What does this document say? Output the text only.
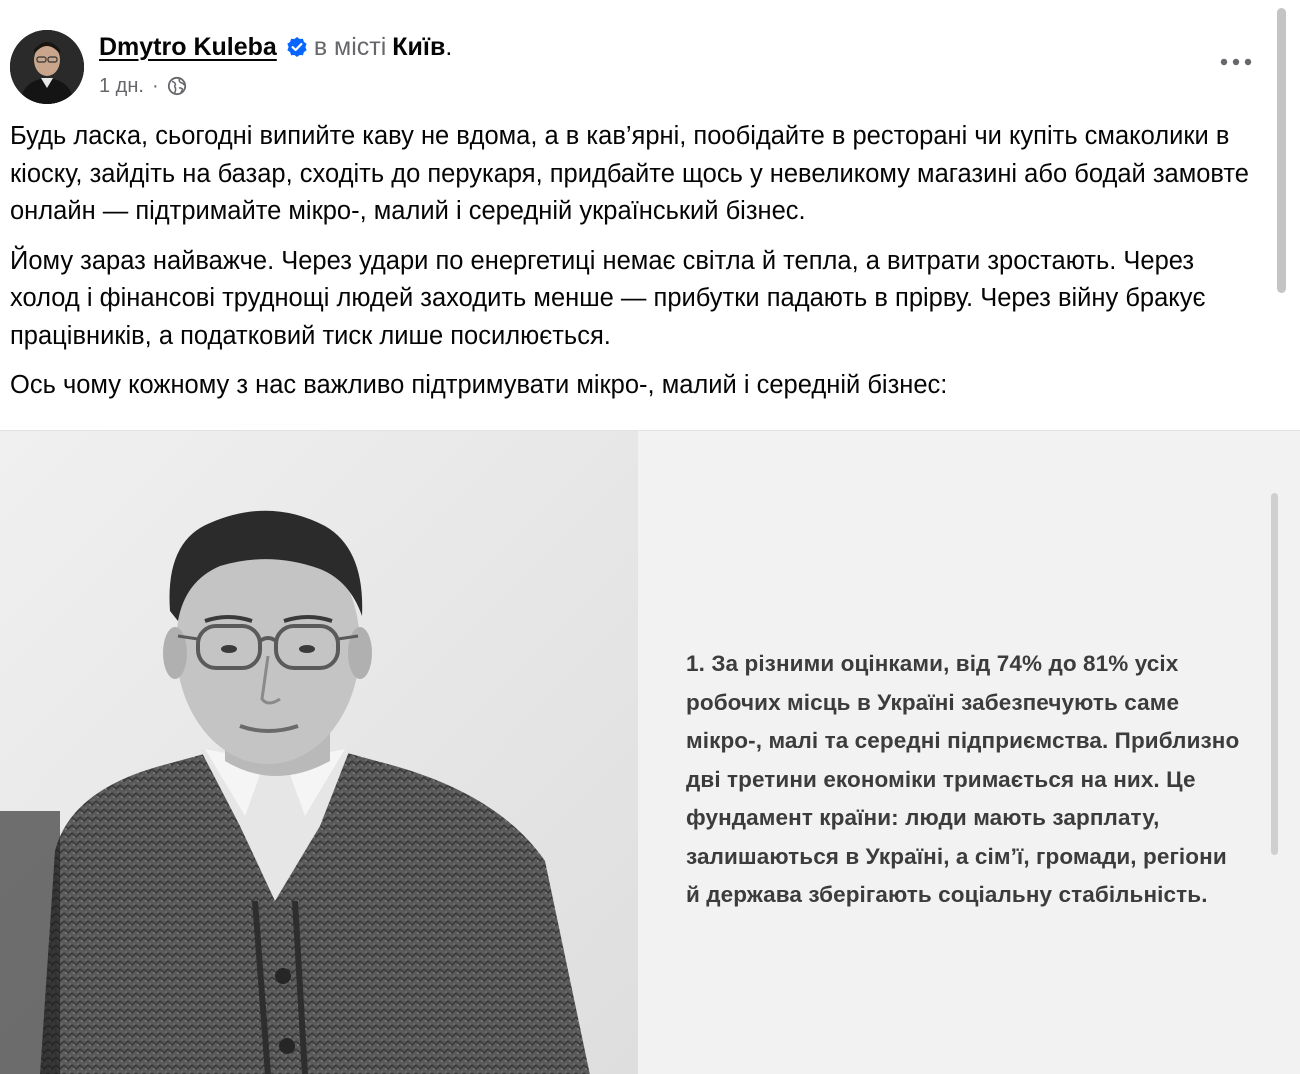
Dmytro Kuleba в місті Київ .
1 дн. ·

Будь ласка, сьогодні випийте каву не вдома, а в кав’ярні, пообідайте в ресторані чи купіть смаколики в кіоску, зайдіть на базар, сходіть до перукаря, придбайте щось у невеликому магазині або бодай замовте онлайн — підтримайте мікро-, малий і середній український бізнес.

Йому зараз найважче. Через удари по енергетиці немає світла й тепла, а витрати зростають. Через холод і фінансові труднощі людей заходить менше — прибутки падають в прірву. Через війну бракує працівників, а податковий тиск лише посилюється.

Ось чому кожному з нас важливо підтримувати мікро-, малий і середній бізнес:

1. За різними оцінками, від 74% до 81% усіх робочих місць в Україні забезпечують саме мікро-, малі та середні підприємства. Приблизно дві третини економіки тримається на них. Це фундамент країни: люди мають зарплату, залишаються в Україні, а сім’ї, громади, регіони й держава зберігають соціальну стабільність.
